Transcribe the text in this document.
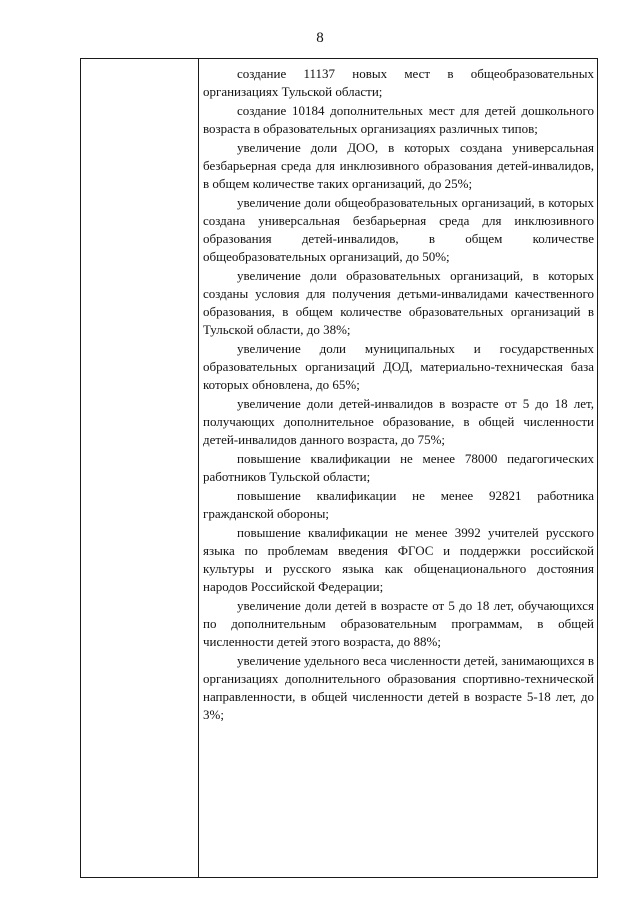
8

создание 11137 новых мест в общеобразовательных организациях Тульской области;

создание 10184 дополнительных мест для детей дошкольного возраста в образовательных организациях различных типов;

увеличение доли ДОО, в которых создана универсальная безбарьерная среда для инклюзивного образования детей-инвалидов, в общем количестве таких организаций, до 25%;

увеличение доли общеобразовательных организаций, в которых создана универсальная безбарьерная среда для инклюзивного образования детей-инвалидов, в общем количестве общеобразовательных организаций, до 50%;

увеличение доли образовательных организаций, в которых созданы условия для получения детьми-инвалидами качественного образования, в общем количестве образовательных организаций в Тульской области, до 38%;

увеличение доли муниципальных и государственных образовательных организаций ДОД, материально-техническая база которых обновлена, до 65%;

увеличение доли детей-инвалидов в возрасте от 5 до 18 лет, получающих дополнительное образование, в общей численности детей-инвалидов данного возраста, до 75%;

повышение квалификации не менее 78000 педагогических работников Тульской области;

повышение квалификации не менее 92821 работника гражданской обороны;

повышение квалификации не менее 3992 учителей русского языка по проблемам введения ФГОС и поддержки российской культуры и русского языка как общенационального достояния народов Российской Федерации;

увеличение доли детей в возрасте от 5 до 18 лет, обучающихся по дополнительным образовательным программам, в общей численности детей этого возраста, до 88%;

увеличение удельного веса численности детей, занимающихся в организациях дополнительного образования спортивно-технической направленности, в общей численности детей в возрасте 5-18 лет, до 3%;
